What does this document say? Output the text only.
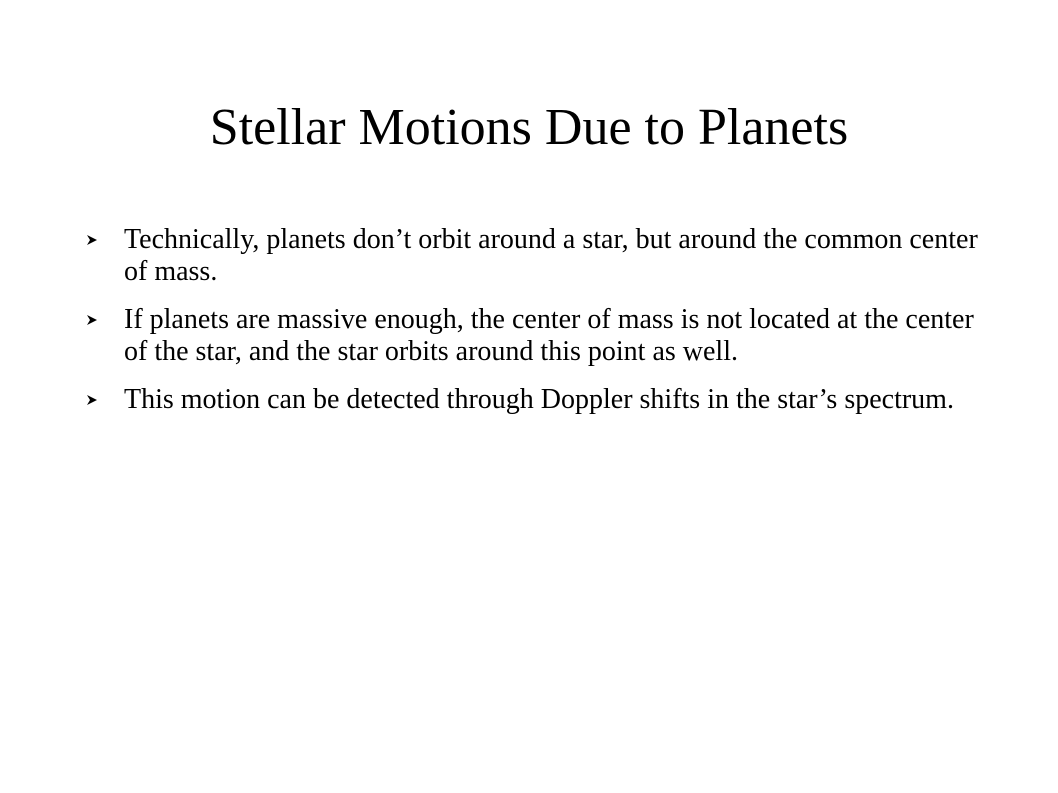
Stellar Motions Due to Planets
Technically, planets don’t orbit around a star, but around the common center of mass.
If planets are massive enough, the center of mass is not located at the center of the star, and the star orbits around this point as well.
This motion can be detected through Doppler shifts in the star’s spectrum.
